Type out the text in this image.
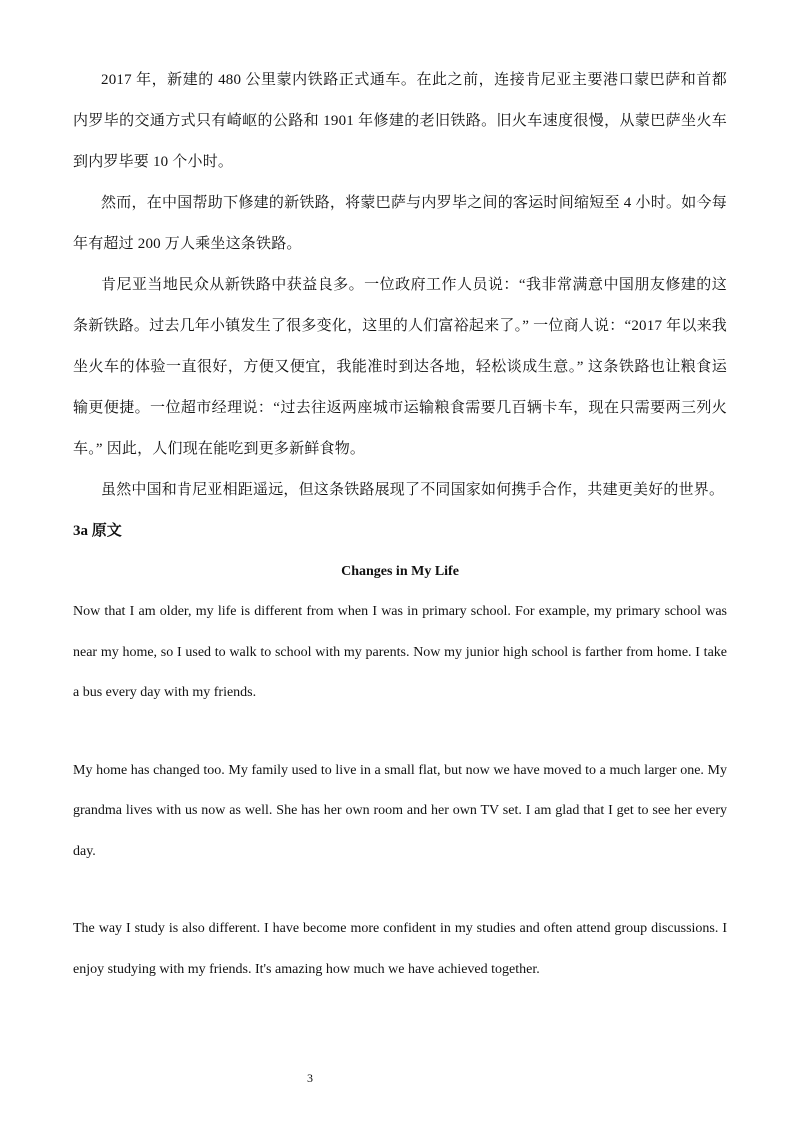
2017 年，新建的 480 公里蒙内铁路正式通车。在此之前，连接肯尼亚主要港口蒙巴萨和首都内罗毕的交通方式只有崎岖的公路和 1901 年修建的老旧铁路。旧火车速度很慢，从蒙巴萨坐火车到内罗毕要 10 个小时。

然而，在中国帮助下修建的新铁路，将蒙巴萨与内罗毕之间的客运时间缩短至 4 小时。如今每年有超过 200 万人乘坐这条铁路。

肯尼亚当地民众从新铁路中获益良多。一位政府工作人员说：“我非常满意中国朋友修建的这条新铁路。过去几年小镇发生了很多变化，这里的人们富裕起来了。” 一位商人说：“2017 年以来我坐火车的体验一直很好，方便又便宜，我能准时到达各地，轻松谈成生意。” 这条铁路也让粮食运输更便捷。一位超市经理说：“过去往返两座城市运输粮食需要几百辆卡车，现在只需要两三列火车。” 因此，人们现在能吃到更多新鲜食物。

虽然中国和肯尼亚相距遥远，但这条铁路展现了不同国家如何携手合作，共建更美好的世界。

3a 原文

Changes in My Life

Now that I am older, my life is different from when I was in primary school. For example, my primary school was near my home, so I used to walk to school with my parents. Now my junior high school is farther from home. I take a bus every day with my friends.

My home has changed too. My family used to live in a small flat, but now we have moved to a much larger one. My grandma lives with us now as well. She has her own room and her own TV set. I am glad that I get to see her every day.

The way I study is also different. I have become more confident in my studies and often attend group discussions. I enjoy studying with my friends. It's amazing how much we have achieved together.

3
